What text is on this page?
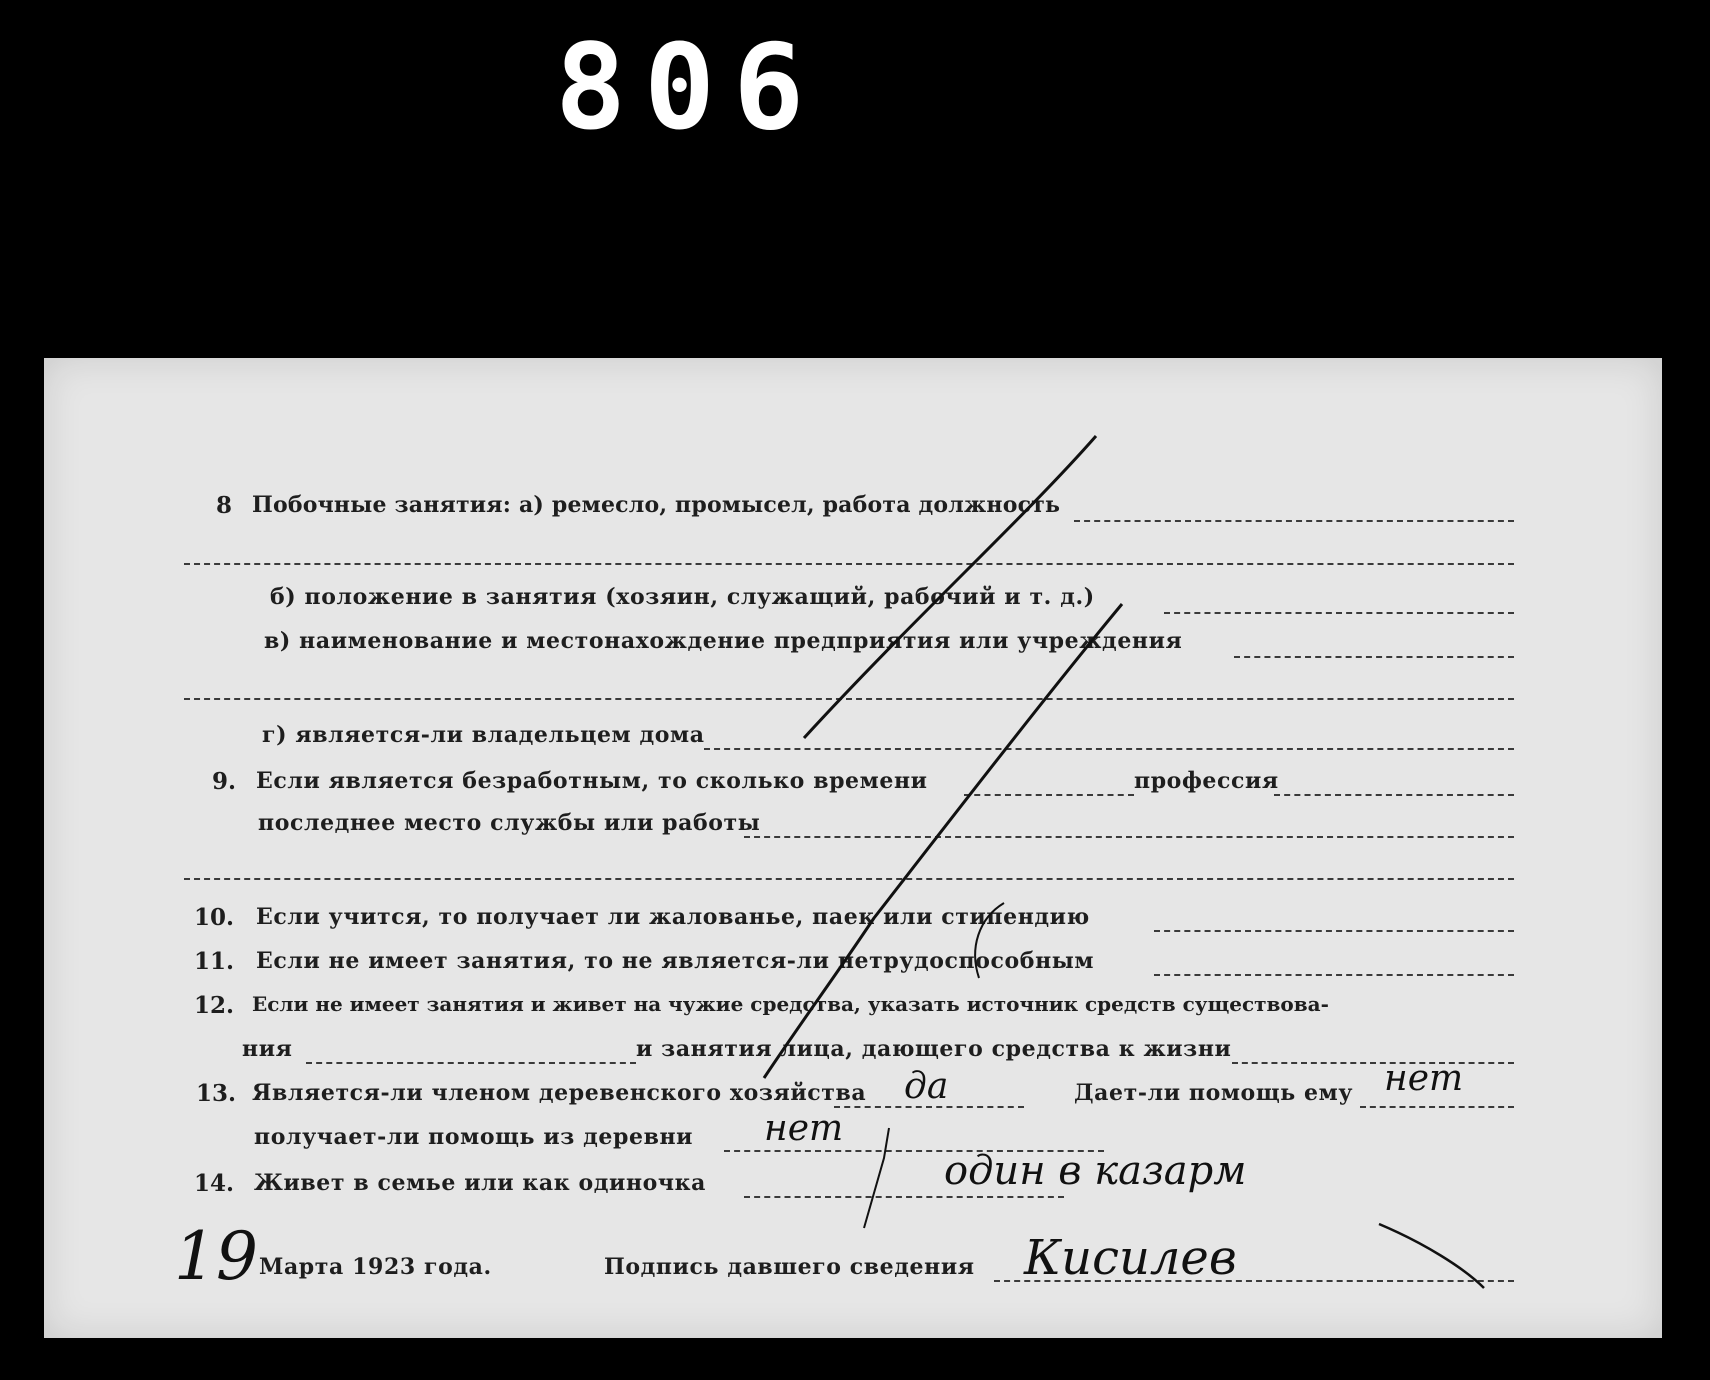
806
8 Побочные занятия: а) ремесло, промысел, работа должность
б) положение в занятия (хозяин, служащий, рабочий и т. д.)
в) наименование и местонахождение предприятия или учреждения
г) является-ли владельцем дома
9. Если является безработным, то сколько времени	профессия
последнее место службы или работы
10. Если учится, то получает ли жалованье, паек или стипендию
11. Если не имеет занятия, то не является-ли нетрудоспособным
12. Если не имеет занятия и живет на чужие средства, указать источник средств существова-
ния	и занятия лица, дающего средства к жизни
13. Является-ли членом деревенского хозяйства да	Дает-ли помощь ему нет
получает-ли помощь из деревни нет
14. Живет в семье или как одиночка	один в казарм
19 Марта 1923 года.	Подпись давшего сведения Кисилев
